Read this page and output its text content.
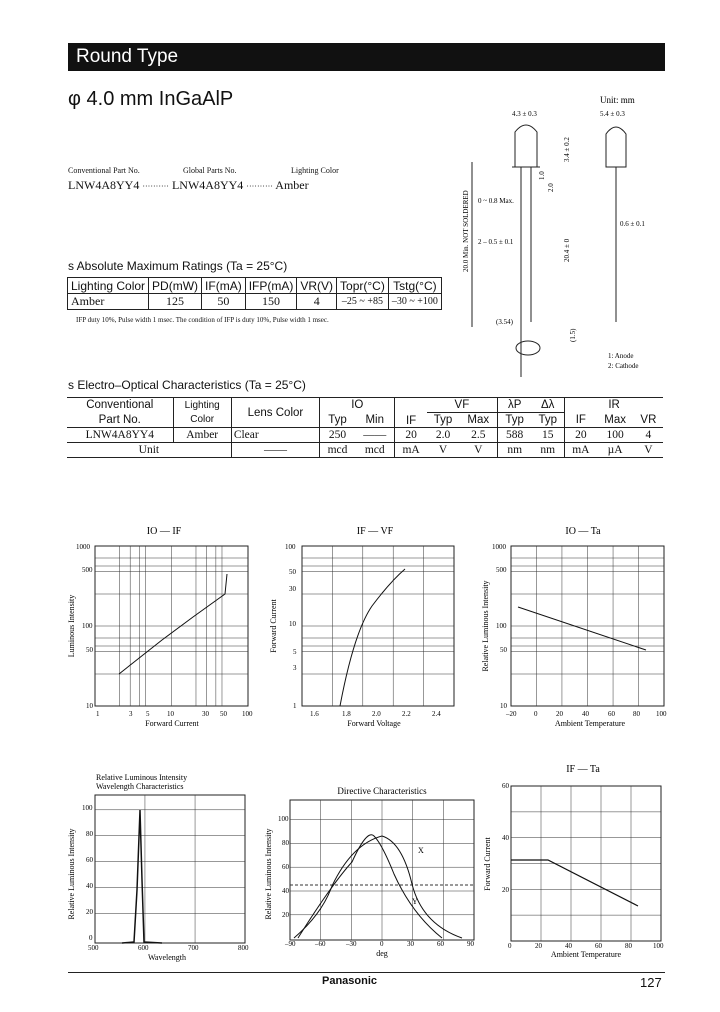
Round Type
φ 4.0 mm InGaAlP
Conventional Part No.	Global Parts No.	Lighting Color
LNW4A8YY4 ·········· LNW4A8YY4 ·········· Amber
s Absolute Maximum Ratings (Ta = 25°C)
Lighting Color	PD(mW)	IF(mA)	IFP(mA)	VR(V)	Topr(°C)	Tstg(°C)
Amber	125	50	150	4	–25 ~ +85	–30 ~ +100
IFP duty 10%, Pulse width 1 msec. The condition of IFP is duty 10%, Pulse width 1 msec.
s Electro–Optical Characteristics (Ta = 25°C)
Conventional	Lighting	Lens Color	IO		IF	VF		λP	Δλ	IR		
Part No.	Color		Typ	Min		Typ	Max	Typ	Typ	IF	Max	VR
LNW4A8YY4	Amber	Clear	250	——	20	2.0	2.5	588	15	20	100	4
Unit		——	mcd	mcd	mA	V	V	nm	nm	mA	µA	V
Unit: mm
4.3 ± 0.3	5.4 ± 0.3
20.0 Min. NOT SOLDERED	20.4 ± 0
3.4 ± 0.2
1.0
2.0
0 ~ 0.8 Max.
2 – 0.5 ± 0.1
0.6 ± 0.1
(3.54)
(1.5)
1: Anode
2: Cathode
IO — IF
1	3 5	10	30 50 100
1000
500
100
50
10
Forward Current
Luminous Intensity
IF — VF
1.6	1.8	2.0	2.2	2.4
100
50
30
10
5
3
1
Forward Voltage
Forward Current
IO — Ta
–20	0	20	40	60	80 100
1000
500
100
50
10
Ambient Temperature
Relative Luminous Intensity
Relative Luminous Intensity
Wavelength Characteristics
500	600	700	800
100
80
60
40
20
0
Wavelength
Relative Luminous Intensity
Directive Characteristics
X
Y
–90	–60	–30	0	30	60	90
100
80
60
40
20
deg
Relative Luminous Intensity
IF — Ta
0	20	40	60	80	100
60
40
20
Ambient Temperature
Forward Current
Panasonic	127
